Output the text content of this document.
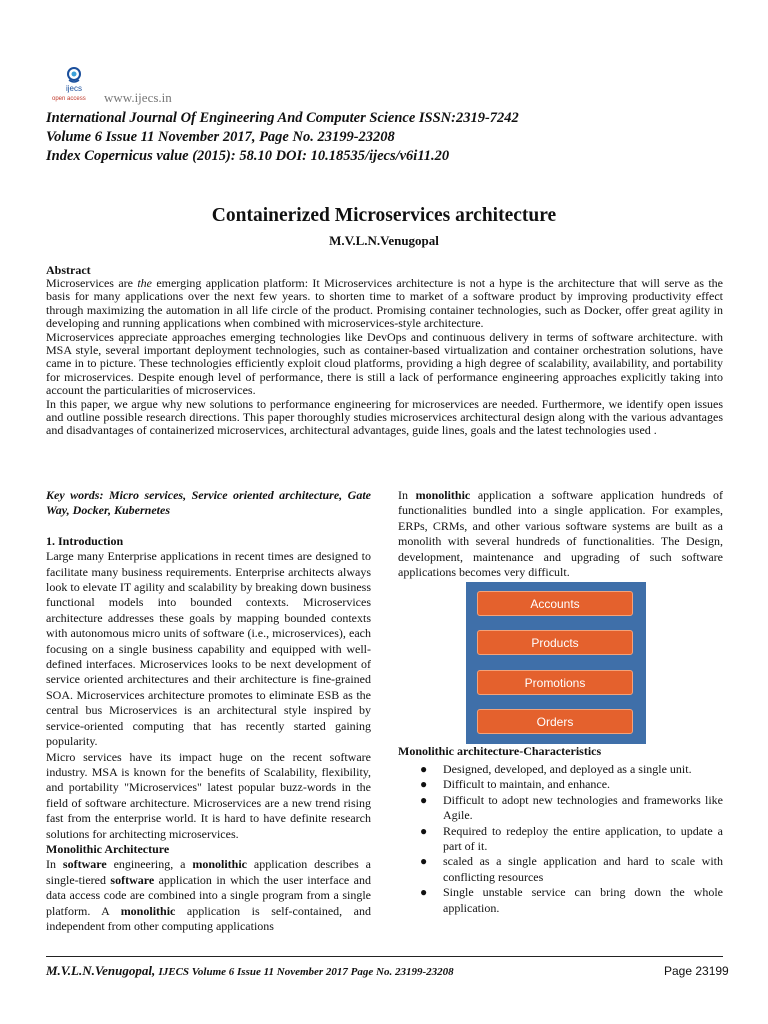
ijecs
open access www.ijecs.in
International Journal Of Engineering And Computer Science ISSN:2319-7242
Volume 6 Issue 11 November 2017, Page No. 23199-23208
Index Copernicus value (2015): 58.10 DOI: 10.18535/ijecs/v6i11.20
Containerized Microservices architecture
M.V.L.N.Venugopal
Abstract

Microservices are the emerging application platform: It Microservices architecture is not a hype is the architecture that will serve as the basis for many applications over the next few years. to shorten time to market of a software product by improving productivity effect through maximizing the automation in all life circle of the product. Promising container technologies, such as Docker, offer great agility in developing and running applications when combined with microservices-style architecture.

Microservices appreciate approaches emerging technologies like DevOps and continuous delivery in terms of software architecture. with MSA style, several important deployment technologies, such as container-based virtualization and container orchestration solutions, have came in to picture. These technologies efficiently exploit cloud platforms, providing a high degree of scalability, availability, and portability for microservices. Despite enough level of performance, there is still a lack of performance engineering approaches explicitly taking into account the particularities of microservices.

In this paper, we argue why new solutions to performance engineering for microservices are needed. Furthermore, we identify open issues and outline possible research directions. This paper thoroughly studies microservices architectural design along with the various advantages and disadvantages of containerized microservices, architectural advantages, guide lines, goals and the latest technologies used .

Key words: Micro services, Service oriented architecture, Gate Way, Docker, Kubernetes

1. Introduction

Large many Enterprise applications in recent times are designed to facilitate many business requirements. Enterprise architects always look to elevate IT agility and scalability by breaking down business functional models into bounded contexts. Microservices architecture addresses these goals by mapping bounded contexts with autonomous micro units of software (i.e., microservices), each focusing on a single business capability and equipped with well-defined interfaces. Microservices looks to be next development of service oriented architectures and their architecture is fine-grained SOA. Microservices architecture promotes to eliminate ESB as the central bus Microservices is an architectural style inspired by service-oriented computing that has recently started gaining popularity.

Micro services have its impact huge on the recent software industry. MSA is known for the benefits of Scalability, flexibility, and portability "Microservices" latest popular buzz-words in the field of software architecture. Microservices are a new trend rising fast from the enterprise world. It is hard to have definite research solutions for architecting microservices.

Monolithic Architecture

In software engineering, a monolithic application describes a single-tiered software application in which the user interface and data access code are combined into a single program from a single platform. A monolithic application is self-contained, and independent from other computing applications

In monolithic application a software application hundreds of functionalities bundled into a single application. For examples, ERPs, CRMs, and other various software systems are built as a monolith with several hundreds of functionalities. The Design, development, maintenance and upgrading of such software applications becomes very difficult.

Accounts
Products
Promotions
Orders
Monolithic architecture-Characteristics
● Designed, developed, and deployed as a single unit.
● Difficult to maintain, and enhance.
● Difficult to adopt new technologies and frameworks like Agile.
● Required to redeploy the entire application, to update a part of it.
● scaled as a single application and hard to scale with conflicting resources
● Single unstable service can bring down the whole application.
M.V.L.N.Venugopal, IJECS Volume 6 Issue 11 November 2017 Page No. 23199-23208	Page 23199
